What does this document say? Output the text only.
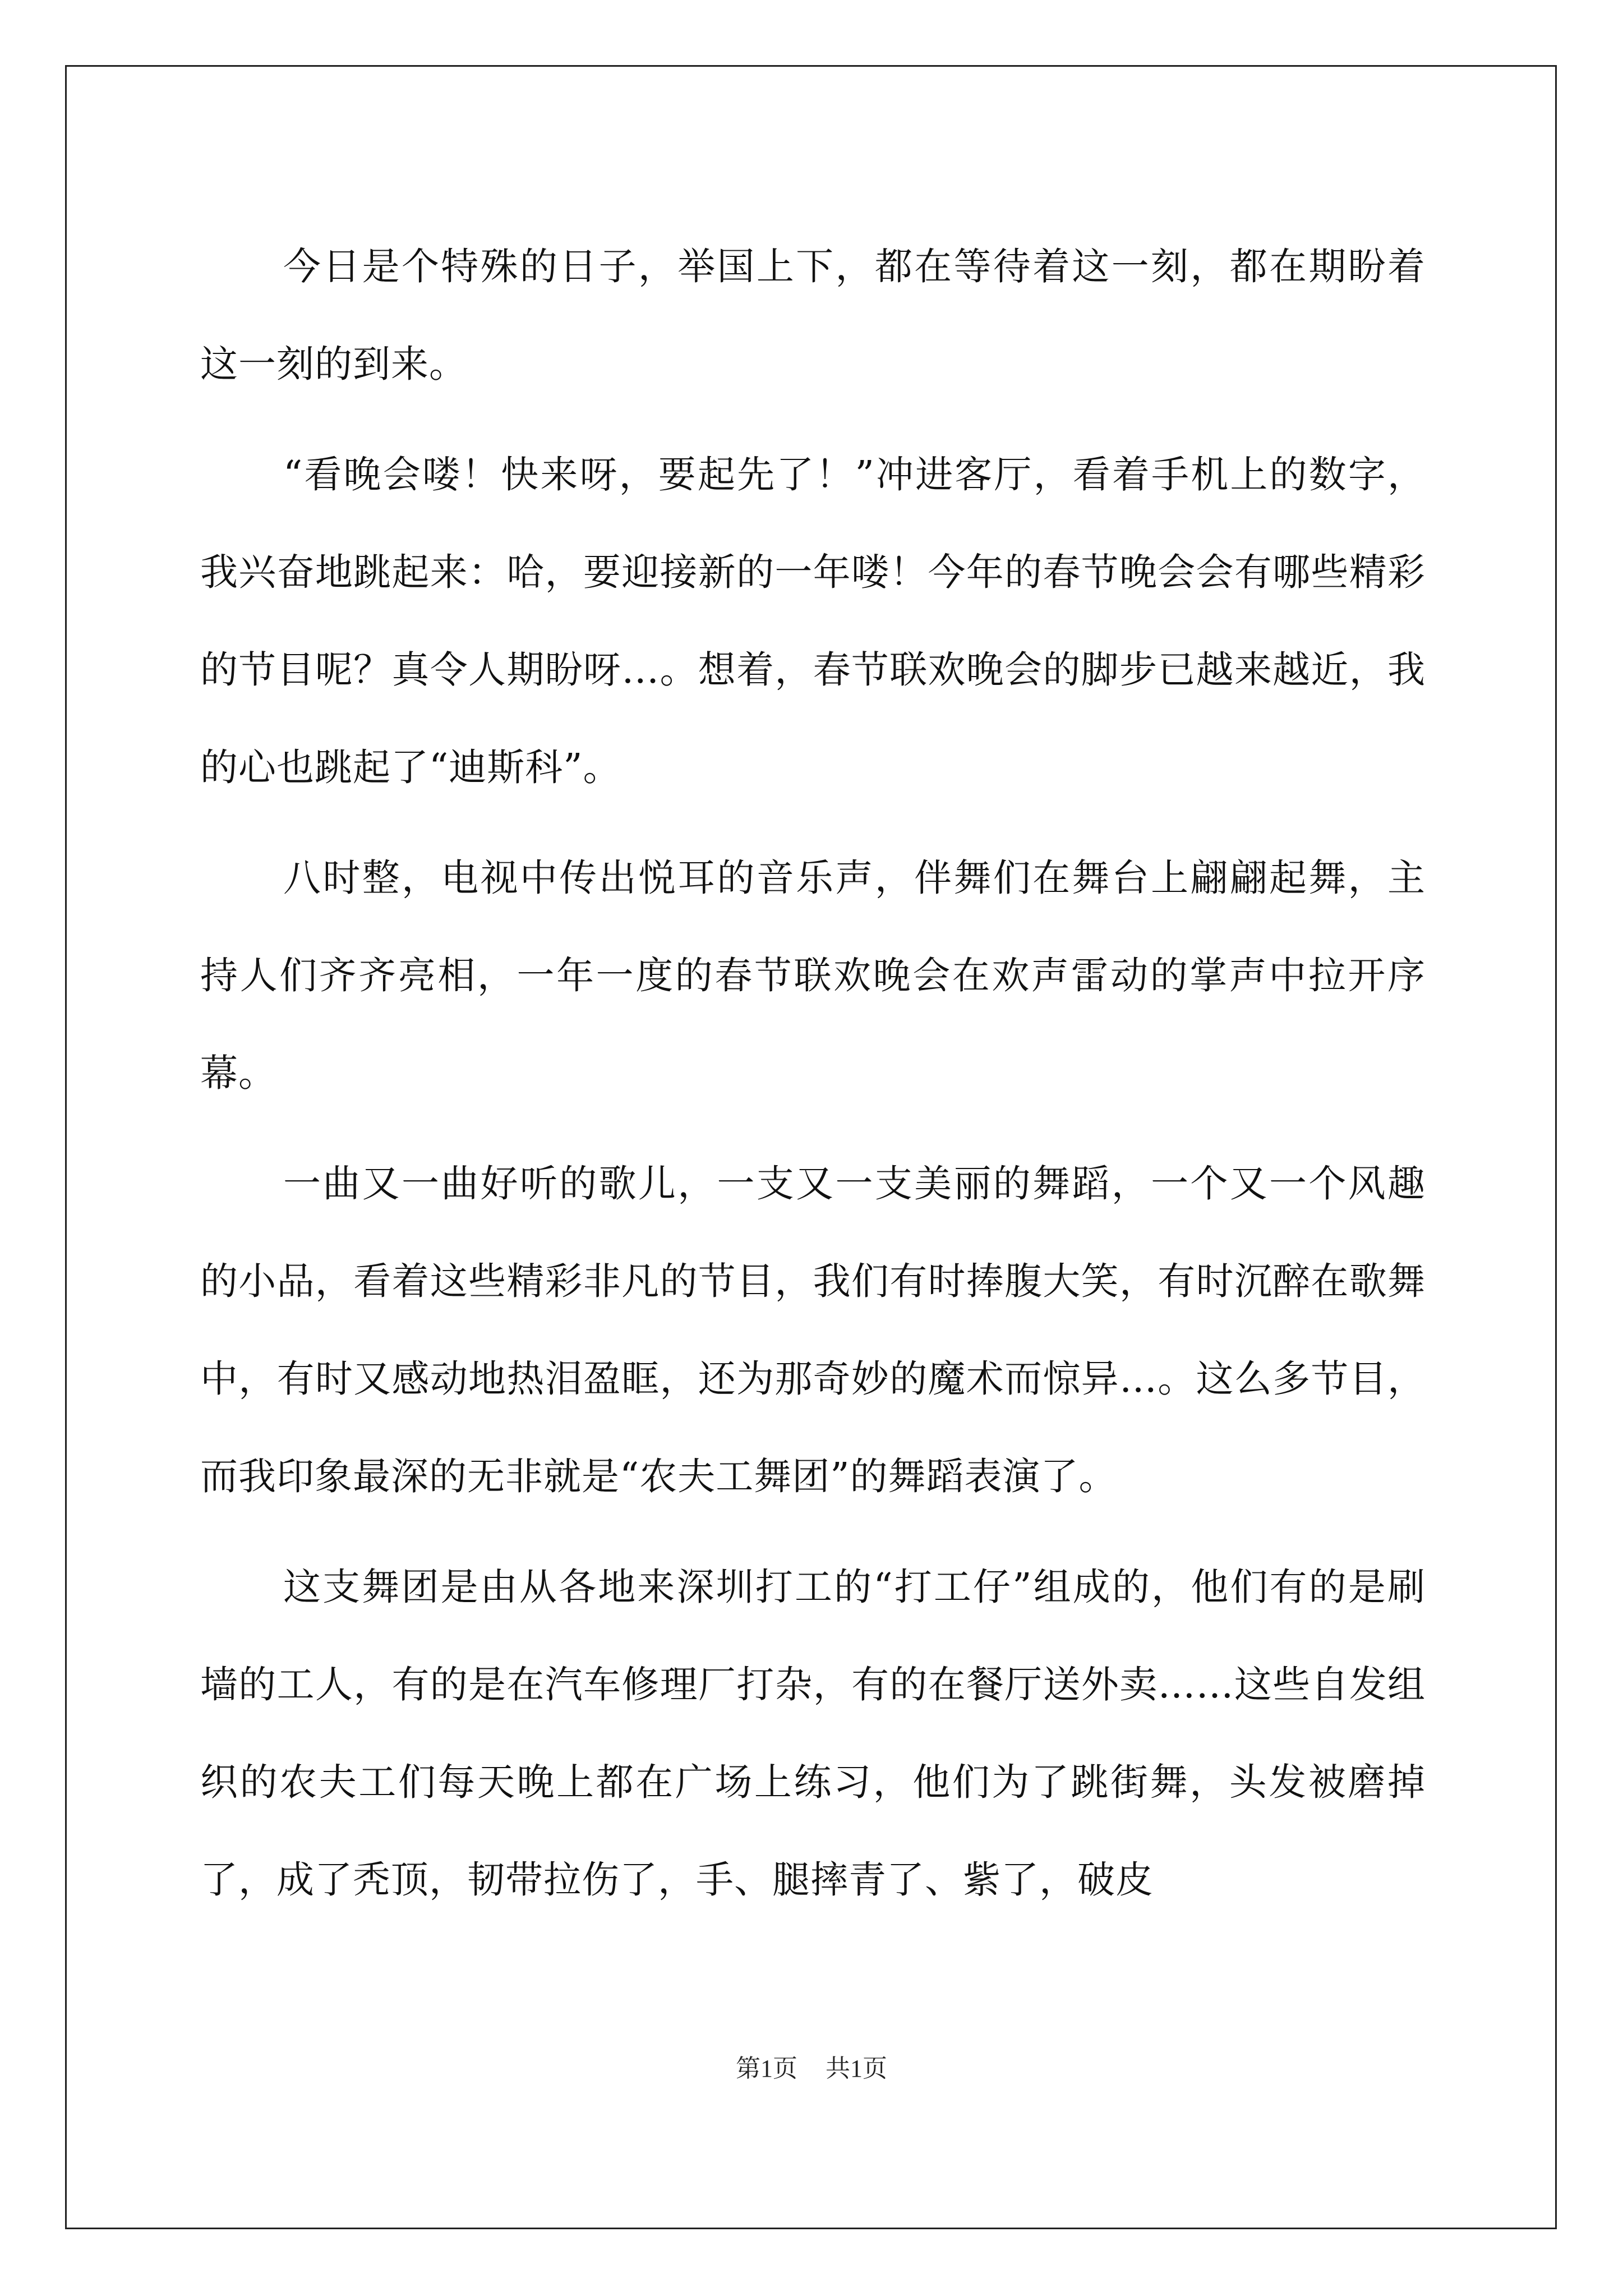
今日是个特殊的日子，举国上下，都在等待着这一刻，都在期盼着这一刻的到来。

“看晚会喽！快来呀，要起先了！”冲进客厅，看着手机上的数字，我兴奋地跳起来：哈，要迎接新的一年喽！今年的春节晚会会有哪些精彩的节目呢？真令人期盼呀…。想着，春节联欢晚会的脚步已越来越近，我的心也跳起了“迪斯科”。

八时整，电视中传出悦耳的音乐声，伴舞们在舞台上翩翩起舞，主持人们齐齐亮相，一年一度的春节联欢晚会在欢声雷动的掌声中拉开序幕。

一曲又一曲好听的歌儿，一支又一支美丽的舞蹈，一个又一个风趣的小品，看着这些精彩非凡的节目，我们有时捧腹大笑，有时沉醉在歌舞中，有时又感动地热泪盈眶，还为那奇妙的魔术而惊异…。这么多节目，而我印象最深的无非就是“农夫工舞团”的舞蹈表演了。

这支舞团是由从各地来深圳打工的“打工仔”组成的，他们有的是刷墙的工人，有的是在汽车修理厂打杂，有的在餐厅送外卖……这些自发组织的农夫工们每天晚上都在广场上练习，他们为了跳街舞，头发被磨掉了，成了秃顶，韧带拉伤了，手、腿摔青了、紫了，破皮

第1页 共1页
